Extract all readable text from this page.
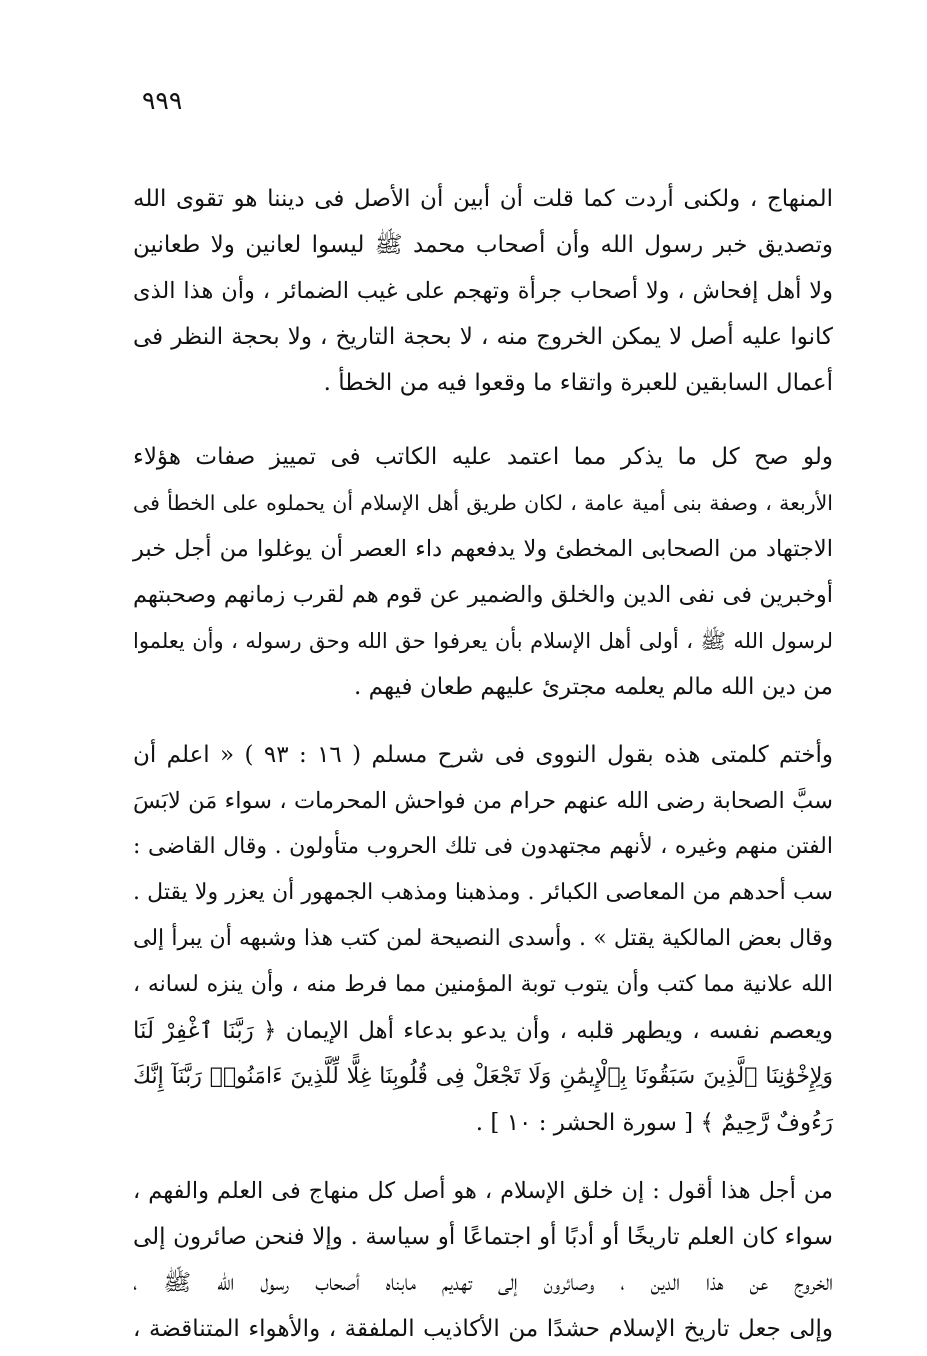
٩٩٩
المنهاج ، ولكنى أردت كما قلت أن أبين أن الأصل فى ديننا هو تقوى الله
وتصديق خبر رسول الله وأن أصحاب محمد ﷺ ليسوا لعانين ولا طعانين
ولا أهل إفحاش ، ولا أصحاب جرأة وتهجم على غيب الضمائر ، وأن هذا الذى
كانوا عليه أصل لا يمكن الخروج منه ، لا بحجة التاريخ ، ولا بحجة النظر فى
أعمال السابقين للعبرة واتقاء ما وقعوا فيه من الخطأ .
ولو صح كل ما يذكر مما اعتمد عليه الكاتب فى تمييز صفات هؤلاء
الأربعة ، وصفة بنى أمية عامة ، لكان طريق أهل الإسلام أن يحملوه على الخطأ فى
الاجتهاد من الصحابى المخطئ ولا يدفعهم داء العصر أن يوغلوا من أجل خبر
أوخبرين فى نفى الدين والخلق والضمير عن قوم هم لقرب زمانهم وصحبتهم
لرسول الله ﷺ ، أولى أهل الإسلام بأن يعرفوا حق الله وحق رسوله ، وأن يعلموا
من دين الله مالم يعلمه مجترئ عليهم طعان فيهم .
وأختم كلمتى هذه بقول النووى فى شرح مسلم ( ١٦ : ٩٣ ) « اعلم أن
سبَّ الصحابة رضى الله عنهم حرام من فواحش المحرمات ، سواء مَن لابَسَ
الفتن منهم وغيره ، لأنهم مجتهدون فى تلك الحروب متأولون . وقال القاضى :
سب أحدهم من المعاصى الكبائر . ومذهبنا ومذهب الجمهور أن يعزر ولا يقتل .
وقال بعض المالكية يقتل » . وأسدى النصيحة لمن كتب هذا وشبهه أن يبرأ إلى
الله علانية مما كتب وأن يتوب توبة المؤمنين مما فرط منه ، وأن ينزه لسانه ،
ويعصم نفسه ، ويطهر قلبه ، وأن يدعو بدعاء أهل الإيمان ﴿ رَبَّنَا ٱغْفِرْ لَنَا
وَلِإِخْوَٰنِنَا ٱلَّذِينَ سَبَقُونَا بِٱلْإِيمَٰنِ وَلَا تَجْعَلْ فِى قُلُوبِنَا غِلًّا لِّلَّذِينَ ءَامَنُوا۟ رَبَّنَآ إِنَّكَ
رَءُوفٌ رَّحِيمٌ ﴾ [ سورة الحشر : ١٠ ] .
من أجل هذا أقول : إن خلق الإسلام ، هو أصل كل منهاج فى العلم والفهم ،
سواء كان العلم تاريخًا أو أدبًا أو اجتماعًا أو سياسة . وإلا فنحن صائرون إلى
الخروج عن هذا الدين ، وصائرون إلى تهديم مابناه أصحاب رسول الله ﷺ ،
وإلى جعل تاريخ الإسلام حشدًا من الأكاذيب الملفقة ، والأهواء المتناقضة ،
